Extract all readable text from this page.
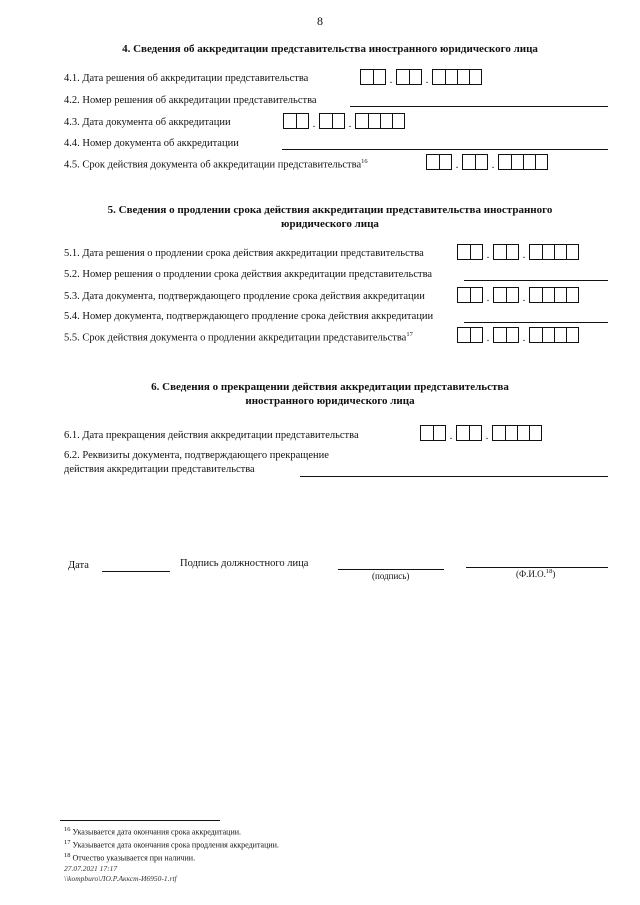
8
4. Сведения об аккредитации представительства иностранного юридического лица
4.1. Дата решения об аккредитации представительства	.	.
4.2. Номер решения об аккредитации представительства
4.3. Дата документа об аккредитации	.	.
4.4. Номер документа об аккредитации
4.5. Срок действия документа об аккредитации представительства$^{16}$	.	.
5. Сведения о продлении срока действия аккредитации представительства иностранного
юридического лица
5.1. Дата решения о продлении срока действия аккредитации представительства	.	.
5.2. Номер решения о продлении срока действия аккредитации представительства
5.3. Дата документа, подтверждающего продление срока действия аккредитации	.	.
5.4. Номер документа, подтверждающего продление срока действия аккредитации
5.5. Срок действия документа о продлении аккредитации представительства$^{17}$	.	.
6. Сведения о прекращении действия аккредитации представительства
иностранного юридического лица
6.1. Дата прекращения действия аккредитации представительства	.	.
6.2. Реквизиты документа, подтверждающего прекращение
действия аккредитации представительства
Дата	Подпись должностного лица
(подпись)	(Ф.И.О.$^{18}$)
$^{16}$ Указывается дата окончания срока аккредитации.
$^{17}$ Указывается дата окончания срока продления аккредитации.
$^{18}$ Отчество указывается при наличии.
27.07.2021 17:17
\\kompburo\ЛО.Р.Аккст-И6950-1.rtf
